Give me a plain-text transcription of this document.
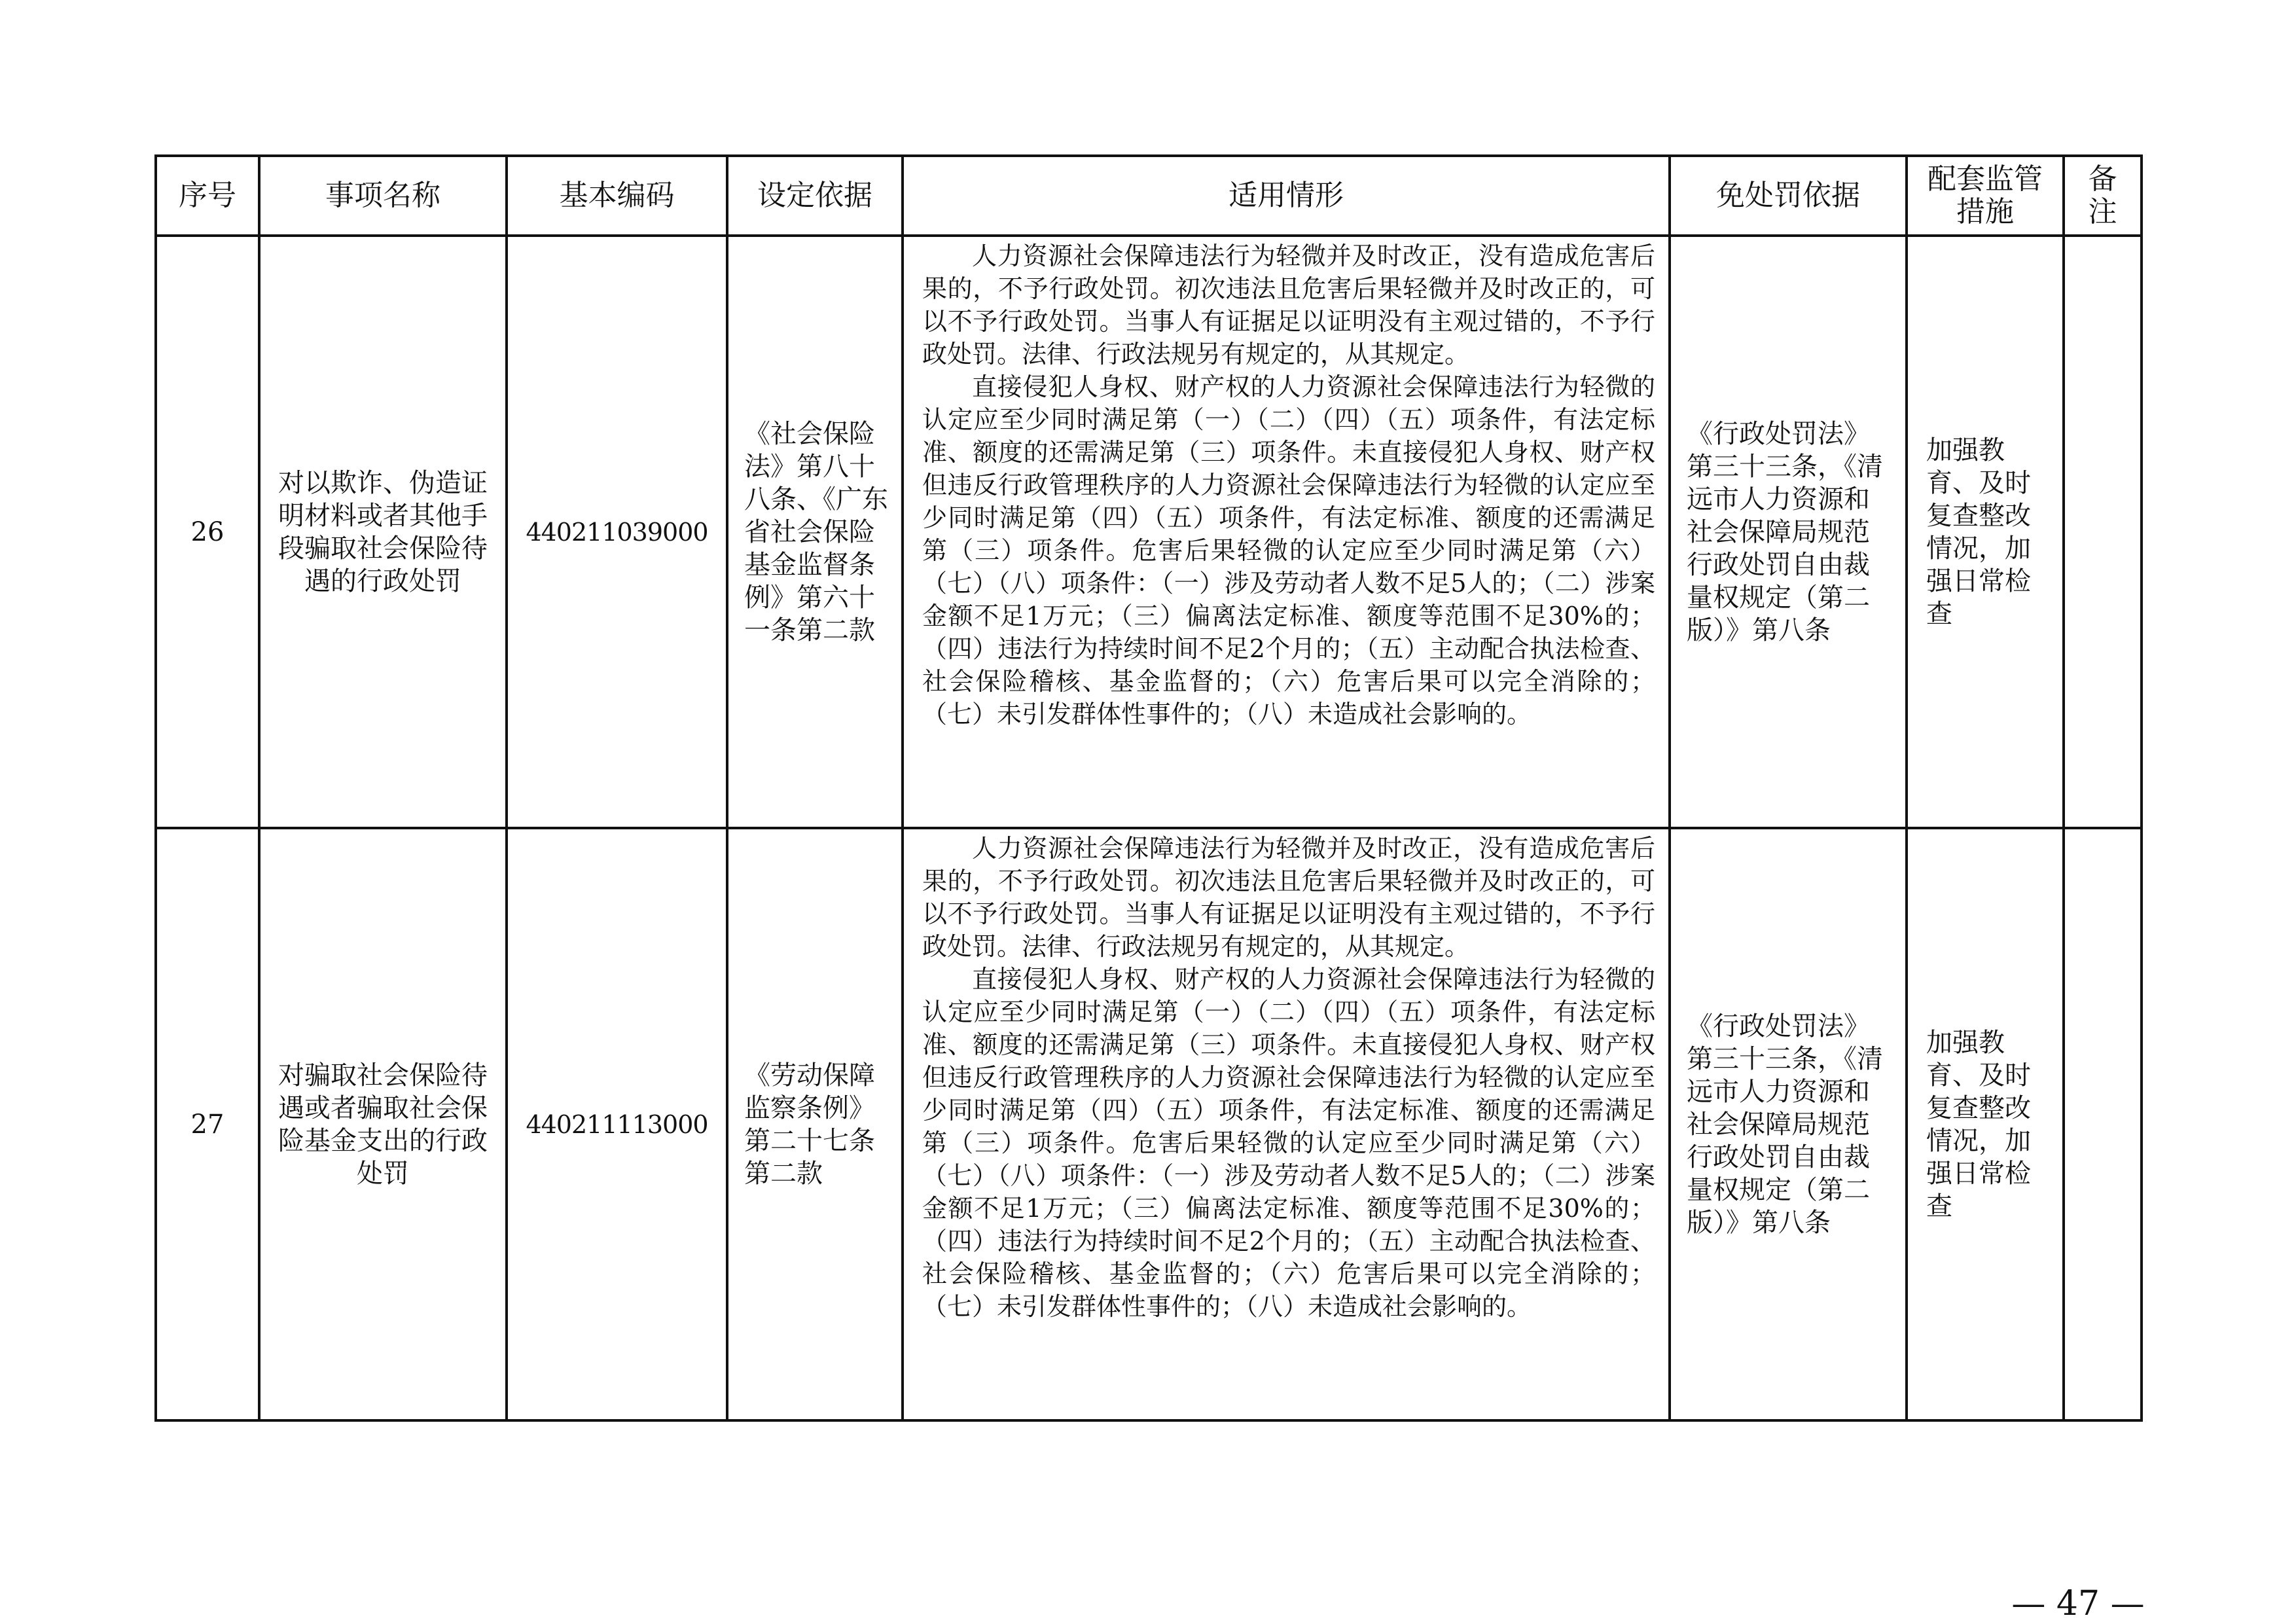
序号	事项名称	基本编码	设定依据	适用情形	免处罚依据	配套监管措施	备注
26	对以欺诈、伪造证明材料或者其他手段骗取社会保险待遇的行政处罚	440211039000	《社会保险法》第八十八条、《广东省社会保险基金监督条例》第六十一条第二款	人力资源社会保障违法行为轻微并及时改正，没有造成危害后果的，不予行政处罚。初次违法且危害后果轻微并及时改正的，可以不予行政处罚。当事人有证据足以证明没有主观过错的，不予行政处罚。法律、行政法规另有规定的，从其规定。

直接侵犯人身权、财产权的人力资源社会保障违法行为轻微的认定应至少同时满足第（一）（二）（四）（五）项条件，有法定标准、额度的还需满足第（三）项条件。未直接侵犯人身权、财产权但违反行政管理秩序的人力资源社会保障违法行为轻微的认定应至少同时满足第（四）（五）项条件，有法定标准、额度的还需满足第（三）项条件。危害后果轻微的认定应至少同时满足第（六）（七）（八）项条件：（一）涉及劳动者人数不足5人的；（二）涉案金额不足1万元；（三）偏离法定标准、额度等范围不足30%的；（四）违法行为持续时间不足2个月的；（五）主动配合执法检查、社会保险稽核、基金监督的；（六）危害后果可以完全消除的；（七）未引发群体性事件的；（八）未造成社会影响的。	《行政处罚法》第三十三条，《清远市人力资源和社会保障局规范行政处罚自由裁量权规定（第二版）》第八条	加强教育、及时复查整改情况，加强日常检查	
27	对骗取社会保险待遇或者骗取社会保险基金支出的行政处罚	440211113000	《劳动保障监察条例》第二十七条第二款	人力资源社会保障违法行为轻微并及时改正，没有造成危害后果的，不予行政处罚。初次违法且危害后果轻微并及时改正的，可以不予行政处罚。当事人有证据足以证明没有主观过错的，不予行政处罚。法律、行政法规另有规定的，从其规定。

直接侵犯人身权、财产权的人力资源社会保障违法行为轻微的认定应至少同时满足第（一）（二）（四）（五）项条件，有法定标准、额度的还需满足第（三）项条件。未直接侵犯人身权、财产权但违反行政管理秩序的人力资源社会保障违法行为轻微的认定应至少同时满足第（四）（五）项条件，有法定标准、额度的还需满足第（三）项条件。危害后果轻微的认定应至少同时满足第（六）（七）（八）项条件：（一）涉及劳动者人数不足5人的；（二）涉案金额不足1万元；（三）偏离法定标准、额度等范围不足30%的；（四）违法行为持续时间不足2个月的；（五）主动配合执法检查、社会保险稽核、基金监督的；（六）危害后果可以完全消除的；（七）未引发群体性事件的；（八）未造成社会影响的。	《行政处罚法》第三十三条，《清远市人力资源和社会保障局规范行政处罚自由裁量权规定（第二版）》第八条	加强教育、及时复查整改情况，加强日常检查	
— 47 —
